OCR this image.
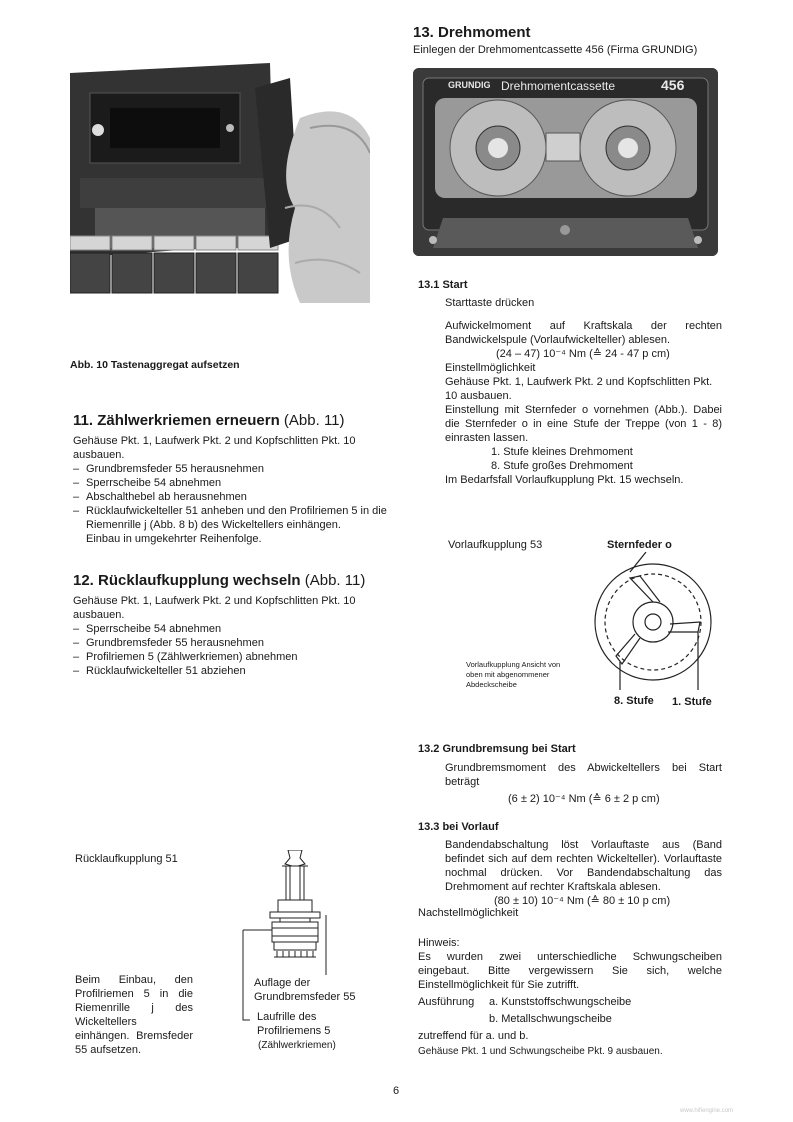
Abb. 10 Tastenaggregat aufsetzen
11. Zählwerkriemen erneuern (Abb. 11)
Gehäuse Pkt. 1, Laufwerk Pkt. 2 und Kopfschlitten Pkt. 10 ausbauen.
– Grundbremsfeder 55 herausnehmen
– Sperrscheibe 54 abnehmen
– Abschalthebel ab herausnehmen
– Rücklaufwickelteller 51 anheben und den Profilriemen 5 in die Riemenrille j (Abb. 8 b) des Wickeltellers einhängen.
Einbau in umgekehrter Reihenfolge.
12. Rücklaufkupplung wechseln (Abb. 11)
Gehäuse Pkt. 1, Laufwerk Pkt. 2 und Kopfschlitten Pkt. 10 ausbauen.
– Sperrscheibe 54 abnehmen
– Grundbremsfeder 55 herausnehmen
– Profilriemen 5 (Zählwerkriemen) abnehmen
– Rücklaufwickelteller 51 abziehen
Rücklaufkupplung 51
Beim Einbau, den Profilriemen 5 in die Riemenrille j des Wickeltellers einhängen. Bremsfeder 55 aufsetzen.
Auflage der Grundbremsfeder 55
Laufrille des Profilriemens 5
(Zählwerkriemen)
13. Drehmoment
Einlegen der Drehmomentcassette 456 (Firma GRUNDIG)
GRUNDIG Drehmomentcassette	456
13.1 Start
Starttaste drücken
Aufwickelmoment auf Kraftskala der rechten Bandwickelspule (Vorlaufwickelteller) ablesen.
(24 – 47) 10⁻⁴ Nm (≙ 24 - 47 p cm)
Einstellmöglichkeit
Gehäuse Pkt. 1, Laufwerk Pkt. 2 und Kopfschlitten Pkt. 10 ausbauen.
Einstellung mit Sternfeder o vornehmen (Abb.). Dabei die Sternfeder o in eine Stufe der Treppe (von 1 - 8) einrasten lassen.
1. Stufe kleines Drehmoment
8. Stufe großes Drehmoment
Im Bedarfsfall Vorlaufkupplung Pkt. 15 wechseln.
Vorlaufkupplung 53	Sternfeder o
Vorlaufkupplung Ansicht von oben mit abgenommener Abdeckscheibe
8. Stufe 1. Stufe
13.2 Grundbremsung bei Start
Grundbremsmoment des Abwickeltellers bei Start beträgt
(6 ± 2) 10⁻⁴ Nm (≙ 6 ± 2 p cm)
13.3 bei Vorlauf
Bandendabschaltung löst Vorlauftaste aus (Band befindet sich auf dem rechten Wickelteller). Vorlauftaste nochmal drücken. Vor Bandendabschaltung das Drehmoment auf rechter Kraftskala ablesen.
(80 ± 10) 10⁻⁴ Nm (≙ 80 ± 10 p cm)
Nachstellmöglichkeit
Hinweis:
Es wurden zwei unterschiedliche Schwungscheiben eingebaut. Bitte vergewissern Sie sich, welche Einstellmöglichkeit für Sie zutrifft.
Ausführung	a. Kunststoffschwungscheibe
b. Metallschwungscheibe
zutreffend für a. und b.
Gehäuse Pkt. 1 und Schwungscheibe Pkt. 9 ausbauen.
6
www.hifiengine.com
